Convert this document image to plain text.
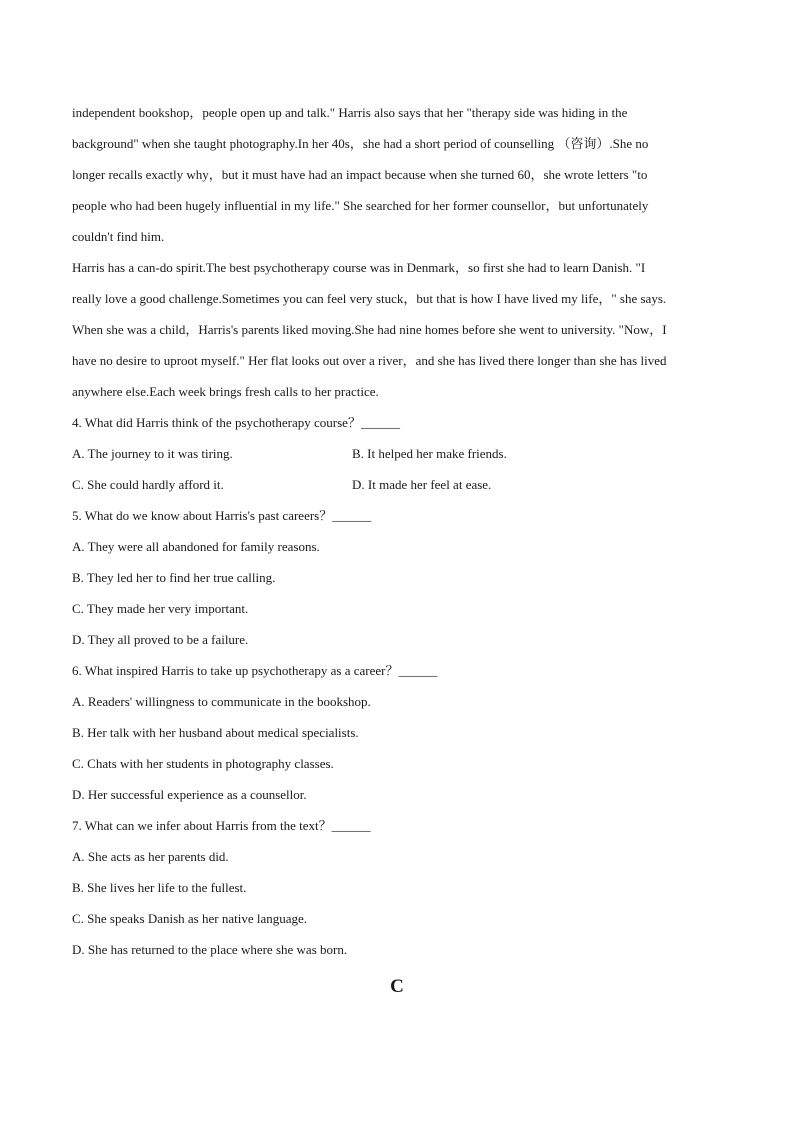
independent bookshop，people open up and talk." Harris also says that her "therapy side was hiding in the
background" when she taught photography.In her 40s，she had a short period of counselling （咨询）.She no
longer recalls exactly why，but it must have had an impact because when she turned 60，she wrote letters "to
people who had been hugely influential in my life." She searched for her former counsellor，but unfortunately
couldn't find him.
Harris has a can-do spirit.The best psychotherapy course was in Denmark，so first she had to learn Danish. "I
really love a good challenge.Sometimes you can feel very stuck，but that is how I have lived my life，" she says.
When she was a child，Harris's parents liked moving.She had nine homes before she went to university. "Now，I
have no desire to uproot myself." Her flat looks out over a river，and she has lived there longer than she has lived
anywhere else.Each week brings fresh calls to her practice.
4. What did Harris think of the psychotherapy course？______
A. The journey to it was tiring.	B. It helped her make friends.
C. She could hardly afford it.	D. It made her feel at ease.
5. What do we know about Harris's past careers？______
A. They were all abandoned for family reasons.
B. They led her to find her true calling.
C. They made her very important.
D. They all proved to be a failure.
6. What inspired Harris to take up psychotherapy as a career？______
A. Readers' willingness to communicate in the bookshop.
B. Her talk with her husband about medical specialists.
C. Chats with her students in photography classes.
D. Her successful experience as a counsellor.
7. What can we infer about Harris from the text？______
A. She acts as her parents did.
B. She lives her life to the fullest.
C. She speaks Danish as her native language.
D. She has returned to the place where she was born.
C
